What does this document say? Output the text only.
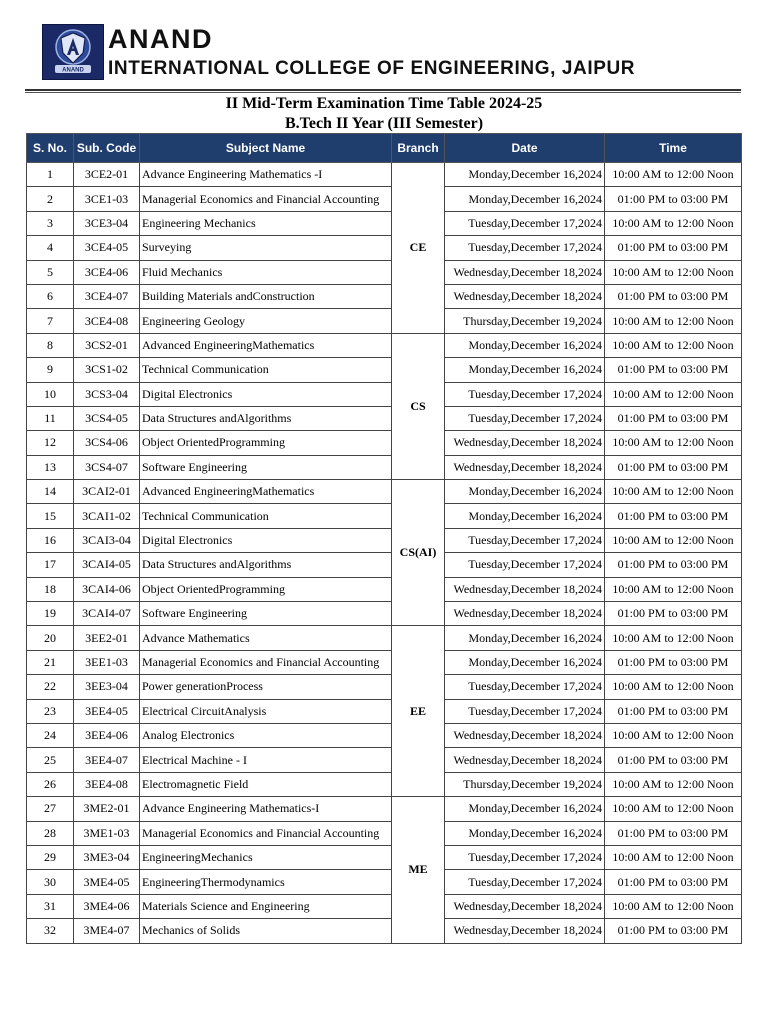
ANAND
ANAND
INTERNATIONAL COLLEGE OF ENGINEERING, JAIPUR
II Mid-Term Examination Time Table 2024-25
B.Tech II Year (III Semester)
S. No.	Sub. Code	Subject Name	Branch	Date	Time
1	3CE2-01	Advance Engineering Mathematics -I	CE	Monday,December 16,2024	10:00 AM to 12:00 Noon
2	3CE1-03	Managerial Economics and Financial Accounting		Monday,December 16,2024	01:00 PM to 03:00 PM
3	3CE3-04	Engineering Mechanics		Tuesday,December 17,2024	10:00 AM to 12:00 Noon
4	3CE4-05	Surveying		Tuesday,December 17,2024	01:00 PM to 03:00 PM
5	3CE4-06	Fluid Mechanics		Wednesday,December 18,2024	10:00 AM to 12:00 Noon
6	3CE4-07	Building Materials andConstruction		Wednesday,December 18,2024	01:00 PM to 03:00 PM
7	3CE4-08	Engineering Geology		Thursday,December 19,2024	10:00 AM to 12:00 Noon
8	3CS2-01	Advanced EngineeringMathematics	CS	Monday,December 16,2024	10:00 AM to 12:00 Noon
9	3CS1-02	Technical Communication		Monday,December 16,2024	01:00 PM to 03:00 PM
10	3CS3-04	Digital Electronics		Tuesday,December 17,2024	10:00 AM to 12:00 Noon
11	3CS4-05	Data Structures andAlgorithms		Tuesday,December 17,2024	01:00 PM to 03:00 PM
12	3CS4-06	Object OrientedProgramming		Wednesday,December 18,2024	10:00 AM to 12:00 Noon
13	3CS4-07	Software Engineering		Wednesday,December 18,2024	01:00 PM to 03:00 PM
14	3CAI2-01	Advanced EngineeringMathematics	CS(AI)	Monday,December 16,2024	10:00 AM to 12:00 Noon
15	3CAI1-02	Technical Communication		Monday,December 16,2024	01:00 PM to 03:00 PM
16	3CAI3-04	Digital Electronics		Tuesday,December 17,2024	10:00 AM to 12:00 Noon
17	3CAI4-05	Data Structures andAlgorithms		Tuesday,December 17,2024	01:00 PM to 03:00 PM
18	3CAI4-06	Object OrientedProgramming		Wednesday,December 18,2024	10:00 AM to 12:00 Noon
19	3CAI4-07	Software Engineering		Wednesday,December 18,2024	01:00 PM to 03:00 PM
20	3EE2-01	Advance Mathematics	EE	Monday,December 16,2024	10:00 AM to 12:00 Noon
21	3EE1-03	Managerial Economics and Financial Accounting		Monday,December 16,2024	01:00 PM to 03:00 PM
22	3EE3-04	Power generationProcess		Tuesday,December 17,2024	10:00 AM to 12:00 Noon
23	3EE4-05	Electrical CircuitAnalysis		Tuesday,December 17,2024	01:00 PM to 03:00 PM
24	3EE4-06	Analog Electronics		Wednesday,December 18,2024	10:00 AM to 12:00 Noon
25	3EE4-07	Electrical Machine - I		Wednesday,December 18,2024	01:00 PM to 03:00 PM
26	3EE4-08	Electromagnetic Field		Thursday,December 19,2024	10:00 AM to 12:00 Noon
27	3ME2-01	Advance Engineering Mathematics-I	ME	Monday,December 16,2024	10:00 AM to 12:00 Noon
28	3ME1-03	Managerial Economics and Financial Accounting		Monday,December 16,2024	01:00 PM to 03:00 PM
29	3ME3-04	EngineeringMechanics		Tuesday,December 17,2024	10:00 AM to 12:00 Noon
30	3ME4-05	EngineeringThermodynamics		Tuesday,December 17,2024	01:00 PM to 03:00 PM
31	3ME4-06	Materials Science and Engineering		Wednesday,December 18,2024	10:00 AM to 12:00 Noon
32	3ME4-07	Mechanics of Solids		Wednesday,December 18,2024	01:00 PM to 03:00 PM
